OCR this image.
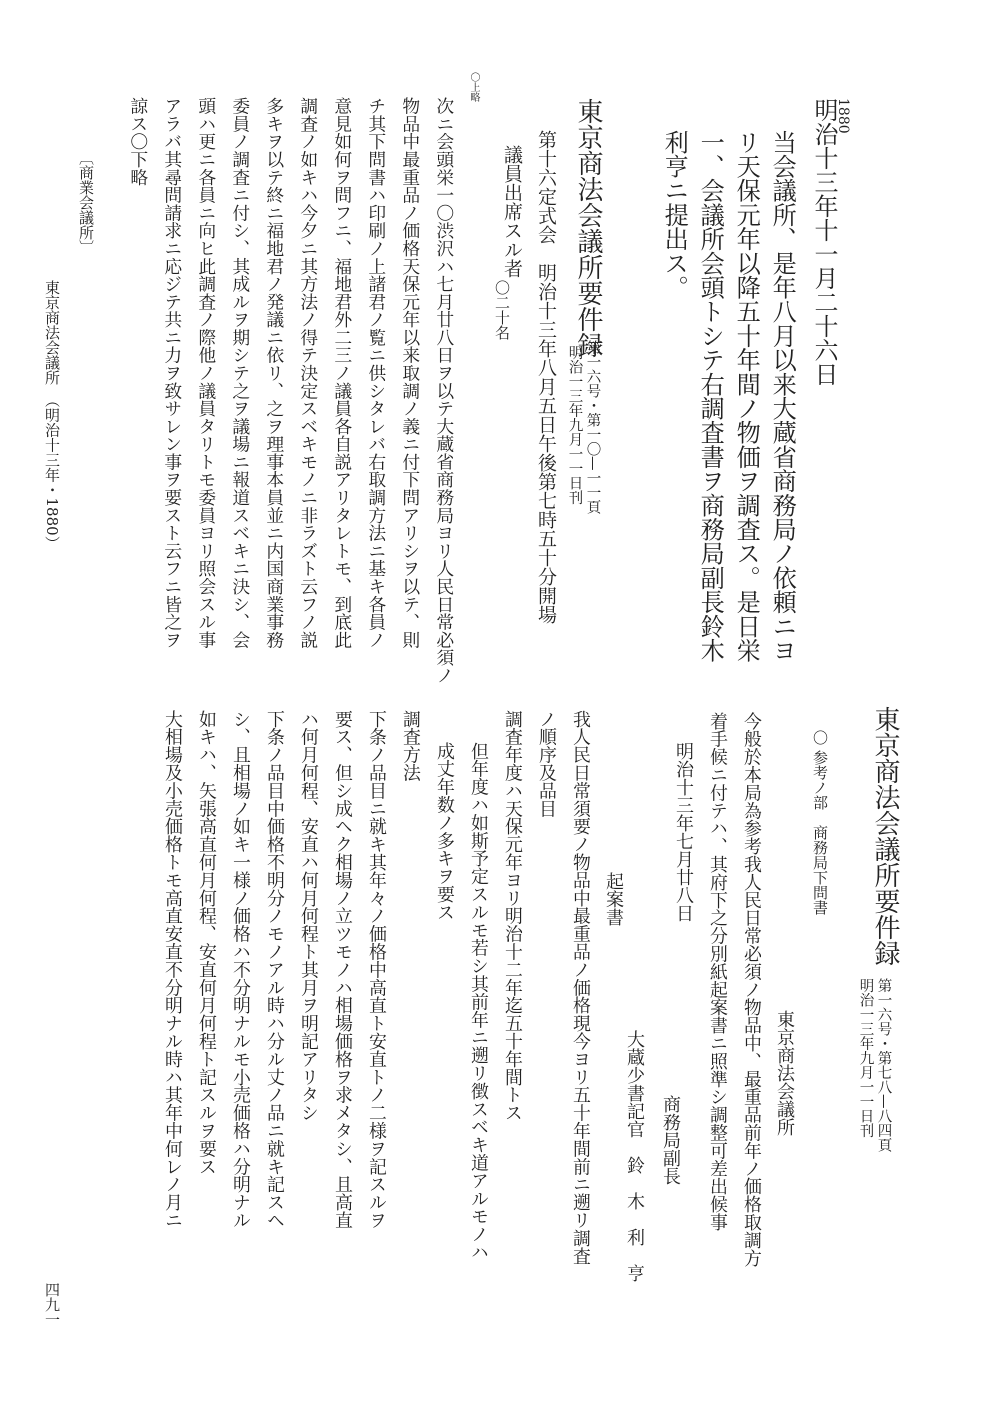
1880
明治十三年十一月二十六日
当会議所、是年八月以来大蔵省商務局ノ依頼ニヨ
リ天保元年以降五十年間ノ物価ヲ調査ス。是日栄
一、会議所会頭トシテ右調査書ヲ商務局副長鈴木
利亨ニ提出ス。
東京商法会議所要件録
第一六号・第一〇—一一頁
明治一三年九月一一日刊
第十六定式会　明治十三年八月五日午後第七時五十分開場
議員出席スル者
〇二十名
〇上略
次ニ会頭栄一〇渋沢ハ七月廿八日ヲ以テ大蔵省商務局ヨリ人民日常必須ノ
物品中最重品ノ価格天保元年以来取調ノ義ニ付下問アリシヲ以テ、則
チ其下問書ハ印刷ノ上諸君ノ覧ニ供シタレバ右取調方法ニ基キ各員ノ
意見如何ヲ問フニ、福地君外二三ノ議員各自説アリタレトモ、到底此
調査ノ如キハ今夕ニ其方法ノ得テ決定スベキモノニ非ラズト云フノ説
多キヲ以テ終ニ福地君ノ発議ニ依リ、之ヲ理事本員並ニ内国商業事務
委員ノ調査ニ付シ、其成ルヲ期シテ之ヲ議場ニ報道スベキニ決シ、会
頭ハ更ニ各員ニ向ヒ此調査ノ際他ノ議員タリトモ委員ヨリ照会スル事
アラバ其尋問請求ニ応ジテ共ニ力ヲ致サレン事ヲ要スト云フニ皆之ヲ
諒ス〇下略
〔商業会議所〕
東京商法会議所　（明治十三年・1880）
東京商法会議所要件録
第一六号・第七八—八四頁
明治一三年九月一一日刊
〇 参考ノ部　商務局下問書
東京商法会議所
今般於本局為参考我人民日常必須ノ物品中、最重品前年ノ価格取調方
着手候ニ付テハ、其府下之分別紙起案書ニ照準シ調整可差出候事
明治十三年七月廿八日
商務局副長
大蔵少書記官　鈴　木　利　亨
起案書
我人民日常須要ノ物品中最重品ノ価格現今ヨリ五十年間前ニ遡リ調査
ノ順序及品目
調査年度ハ天保元年ヨリ明治十二年迄五十年間トス
但年度ハ如斯予定スルモ若シ其前年ニ遡リ徴スベキ道アルモノハ
成丈年数ノ多キヲ要ス
調査方法
下条ノ品目ニ就キ其年々ノ価格中高直ト安直トノ二様ヲ記スルヲ
要ス、但シ成ヘク相場ノ立ツモノハ相場価格ヲ求メタシ、且高直
ハ何月何程、安直ハ何月何程ト其月ヲ明記アリタシ
下条ノ品目中価格不明分ノモノアル時ハ分ル丈ノ品ニ就キ記スヘ
シ、且相場ノ如キ一様ノ価格ハ不分明ナルモ小売価格ハ分明ナル
如キハ、矢張高直何月何程、安直何月何程ト記スルヲ要ス
大相場及小売価格トモ高直安直不分明ナル時ハ其年中何レノ月ニ
四九一
